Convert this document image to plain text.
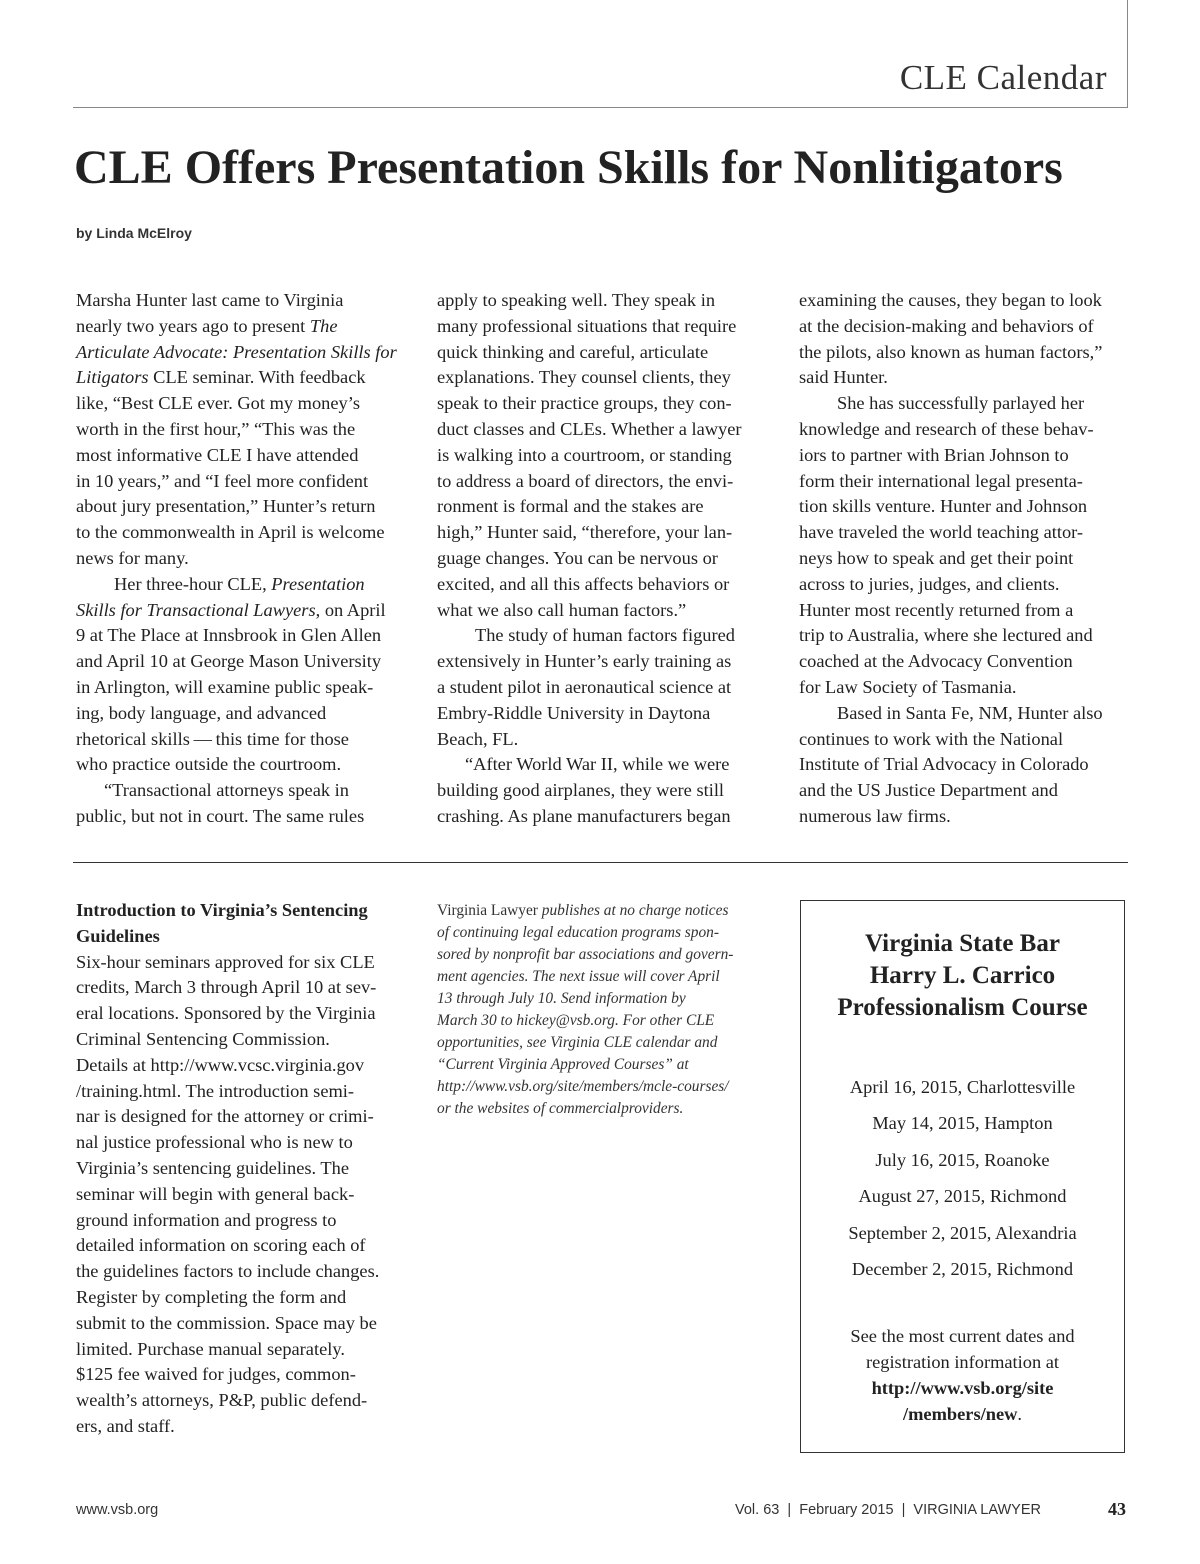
CLE Calendar
CLE Offers Presentation Skills for Nonlitigators
by Linda McElroy

Marsha Hunter last came to Virginia
nearly two years ago to present The
Articulate Advocate: Presentation Skills for
Litigators CLE seminar. With feedback
like, “Best CLE ever. Got my money’s
worth in the first hour,” “This was the
most informative CLE I have attended
in 10 years,” and “I feel more confident
about jury presentation,” Hunter’s return
to the commonwealth in April is welcome
news for many.

Her three-hour CLE, Presentation
Skills for Transactional Lawyers, on April
9 at The Place at Innsbrook in Glen Allen
and April 10 at George Mason University
in Arlington, will examine public speak-
ing, body language, and advanced
rhetorical skills — this time for those
who practice outside the courtroom.

“Transactional attorneys speak in
public, but not in court. The same rules

apply to speaking well. They speak in
many professional situations that require
quick thinking and careful, articulate
explanations. They counsel clients, they
speak to their practice groups, they con-
duct classes and CLEs. Whether a lawyer
is walking into a courtroom, or standing
to address a board of directors, the envi-
ronment is formal and the stakes are
high,” Hunter said, “therefore, your lan-
guage changes. You can be nervous or
excited, and all this affects behaviors or
what we also call human factors.”

The study of human factors figured
extensively in Hunter’s early training as
a student pilot in aeronautical science at
Embry-Riddle University in Daytona
Beach, FL.

“After World War II, while we were
building good airplanes, they were still
crashing. As plane manufacturers began

examining the causes, they began to look
at the decision-making and behaviors of
the pilots, also known as human factors,”
said Hunter.

She has successfully parlayed her
knowledge and research of these behav-
iors to partner with Brian Johnson to
form their international legal presenta-
tion skills venture. Hunter and Johnson
have traveled the world teaching attor-
neys how to speak and get their point
across to juries, judges, and clients.
Hunter most recently returned from a
trip to Australia, where she lectured and
coached at the Advocacy Convention
for Law Society of Tasmania.

Based in Santa Fe, NM, Hunter also
continues to work with the National
Institute of Trial Advocacy in Colorado
and the US Justice Department and
numerous law firms.

Introduction to Virginia’s Sentencing
Guidelines
Six-hour seminars approved for six CLE
credits, March 3 through April 10 at sev-
eral locations. Sponsored by the Virginia
Criminal Sentencing Commission.
Details at http://www.vcsc.virginia.gov
/training.html. The introduction semi-
nar is designed for the attorney or crimi-
nal justice professional who is new to
Virginia’s sentencing guidelines. The
seminar will begin with general back-
ground information and progress to
detailed information on scoring each of
the guidelines factors to include changes.
Register by completing the form and
submit to the commission. Space may be
limited. Purchase manual separately.
$125 fee waived for judges, common-
wealth’s attorneys, P&P, public defend-
ers, and staff.
Virginia Lawyer publishes at no charge notices
of continuing legal education programs spon-
sored by nonprofit bar associations and govern-
ment agencies. The next issue will cover April
13 through July 10. Send information by
March 30 to hickey@vsb.org. For other CLE
opportunities, see Virginia CLE calendar and
“Current Virginia Approved Courses” at
http://www.vsb.org/site/members/mcle-courses/
or the websites of commercialproviders.
Virginia State Bar
Harry L. Carrico
Professionalism Course
April 16, 2015, Charlottesville
May 14, 2015, Hampton
July 16, 2015, Roanoke
August 27, 2015, Richmond
September 2, 2015, Alexandria
December 2, 2015, Richmond
See the most current dates and
registration information at
http://www.vsb.org/site
/members/new.
www.vsb.org	Vol. 63  |  February 2015  |  VIRGINIA LAWYER	43
